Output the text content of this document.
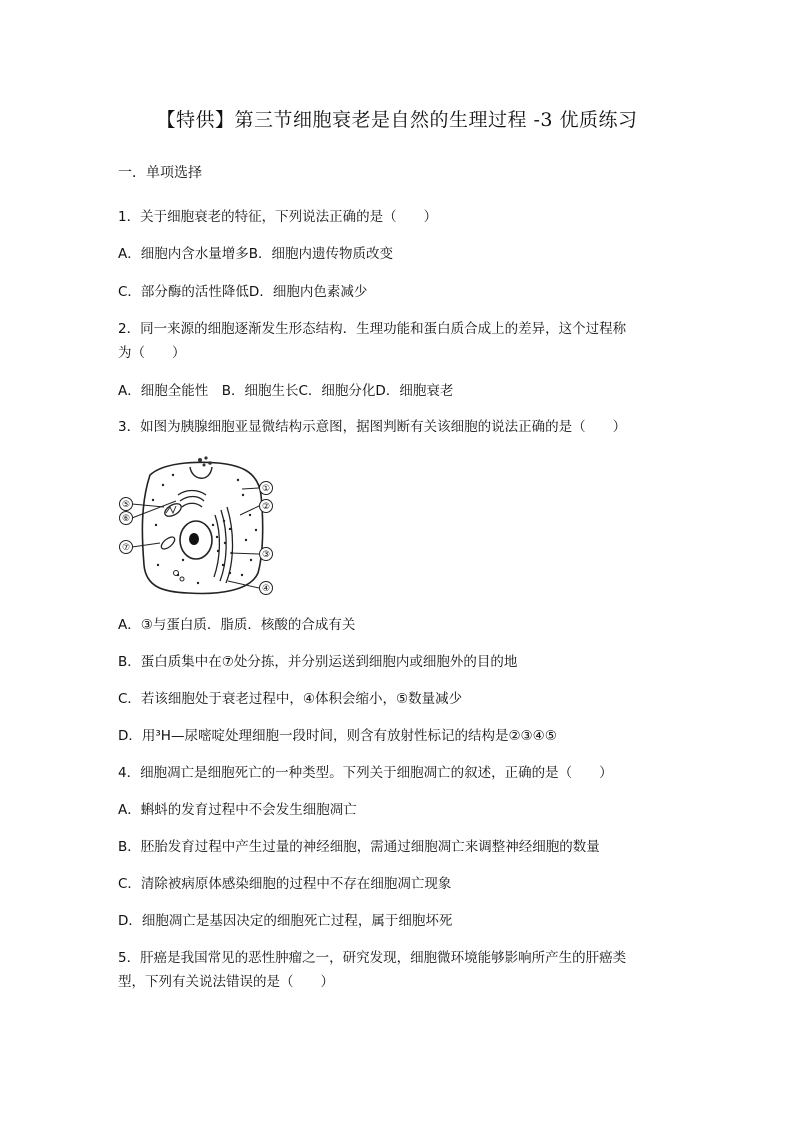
【特供】第三节细胞衰老是自然的生理过程 -3 优质练习
一．单项选择
1．关于细胞衰老的特征，下列说法正确的是（　　）
A．细胞内含水量增多B．细胞内遗传物质改变
C．部分酶的活性降低D．细胞内色素减少
2．同一来源的细胞逐渐发生形态结构．生理功能和蛋白质合成上的差异，这个过程称
为（　　）
A．细胞全能性　B．细胞生长C．细胞分化D．细胞衰老
3．如图为胰腺细胞亚显微结构示意图，据图判断有关该细胞的说法正确的是（　　）
①
②
③
④
⑤
⑥
⑦
A．③与蛋白质．脂质．核酸的合成有关
B．蛋白质集中在⑦处分拣，并分别运送到细胞内或细胞外的目的地
C．若该细胞处于衰老过程中，④体积会缩小，⑤数量减少
D．用³H—尿嘧啶处理细胞一段时间，则含有放射性标记的结构是②③④⑤
4．细胞凋亡是细胞死亡的一种类型。下列关于细胞凋亡的叙述，正确的是（　　）
A．蝌蚪的发育过程中不会发生细胞凋亡
B．胚胎发育过程中产生过量的神经细胞，需通过细胞凋亡来调整神经细胞的数量
C．清除被病原体感染细胞的过程中不存在细胞凋亡现象
D．细胞凋亡是基因决定的细胞死亡过程，属于细胞坏死
5．肝癌是我国常见的恶性肿瘤之一，研究发现，细胞微环境能够影响所产生的肝癌类
型，下列有关说法错误的是（　　）
